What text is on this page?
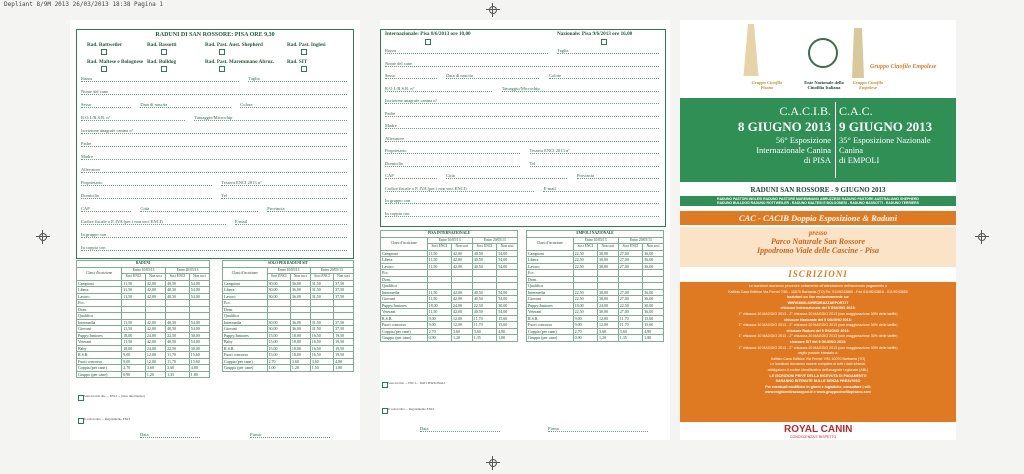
Depliant 8/9M 2013 26/03/2013 18:38 Pagina 1
RADUNI DI SAN ROSSORE: PISA ORE 9,30
Rad. Rottweiler	Rad. Bassotti	Rad. Past. Aust. Shepherd	Rad. Past. Inglesi
Rad. Maltese e Bolognese Rad. Bulldog	Rad. Past. Maremmano Abruz. Rad. SIT
Razza	Taglia
Nome del cane
Sesso	Data di nascita	Colore
R.O.I./R.S.R. n°	Tatuaggio/Microchip
Iscrizione anagrafe canina n°
Padre
Madre
Allevatore
Proprietario	Tessera ENCI 2013 n°
Domicilio	Tel
CAP	Città	Provincia
Codice fiscale o P. IVA (per i non soci ENCI)	E-mail
In gruppo con
In coppia con
RADUNI				
Classi d'iscrizione	Entro 10/05/13		Entro 20/05/13	
	Soci ENCI	Non soci	Soci ENCI	Non soci
Campioni	11,50	42,00	40,50	54,00
Libera	11,50	42,00	40,50	54,00
Lavoro	11,50	42,00	40,50	54,00
Ecc.				
Dom.				
Qualifica				
Intermedia	11,50	42,00	40,50	54,00
Giovani	11,50	42,00	40,50	54,00
Puppy/Juniores	18,00	24,00	22,50	30,00
Veterani	11,50	42,00	40,50	54,00
Baby	18,00	24,00	22,50	30,00
R.S.R.	9,00	12,00	11,70	15,60
Fuori concorso	9,00	12,00	11,70	15,60
Coppia (per cane)	2,70	3,60	3,60	4,80
Gruppo (per cane)	0,90	1,20	1,35	1,80
SOLO PER RADUNI SIT				
Classi d'iscrizione	Entro 10/05/13		Entro 20/05/13	
	Soci ENCI	Non soci	Soci ENCI	Non soci
Campioni	30,00	36,00	31,50	37,50
Libera	30,00	36,00	31,50	37,50
Lavoro	30,00	36,00	31,50	37,50
Ecc.				
Dom.				
Qualifica				
Intermedia	30,00	36,00	31,50	37,50
Giovani	30,00	36,00	31,50	37,50
Puppy/Juniores	15,00	18,00	16,50	19,50
Baby	15,00	18,00	16,50	19,50
R.S.R.	15,00	18,00	16,50	19,50
Fuori concorso	15,00	18,00	16,50	19,50
Coppia (per cane)	2,70	3,60	3,60	4,80
Gruppo (per cane)	1,00	1,20	1,50	1,80
Sono iscritto alle ... ENCI ... (testo informativo)
Il sottoscritto ... Regolamento ENCI
Data	Firma
Internazionale: Pisa 8/6/2013 ore 10,00	Nazionale: Pisa 9/6/2013 ore 16,00
Razza	Taglia
Nome del cane
Sesso	Data di nascita	Colore
R.O.I./R.S.R. n°	Tatuaggio/Microchip
Iscrizione anagrafe canina n°
Padre
Madre
Allevatore
Proprietario	Tessera ENCI 2013 n°
Domicilio	Tel
CAP	Città	Provincia
Codice fiscale o P. IVA (per i non soci ENCI)	E-mail
In gruppo con
In coppia con
PISA INTERNAZIONALE				
Classi d'iscrizione	Entro 10/05/13		Entro 20/05/13	
	Soci ENCI	Non soci	Soci ENCI	Non soci
Campioni	11,50	42,00	40,50	54,00
Libera	11,50	42,00	40,50	54,00
Lavoro	11,50	42,00	40,50	54,00
Ecc.				
Dom.				
Qualifica				
Intermedia	11,50	42,00	40,50	54,00
Giovani	11,50	42,00	40,50	54,00
Puppy/Juniores	18,00	24,00	22,50	30,00
Veterani	11,50	42,00	40,50	54,00
R.S.R.	9,00	12,00	11,70	15,60
Fuori concorso	9,00	12,00	11,70	15,60
Coppia (per cane)	2,70	3,60	3,60	4,80
Gruppo (per cane)	0,90	1,20	1,35	1,80
EMPOLI NAZIONALE				
Classi d'iscrizione	Entro 10/05/13		Entro 20/05/13	
	Soci ENCI	Non soci	Soci ENCI	Non soci
Campioni	22,50	30,00	27,00	36,00
Libera	22,50	30,00	27,00	36,00
Lavoro	22,50	30,00	27,00	36,00
Ecc.				
Dom.				
Qualifica				
Intermedia	22,50	30,00	27,00	36,00
Giovani	22,50	30,00	27,00	36,00
Puppy/Juniores	18,00	24,00	22,50	30,00
Veterani	22,50	30,00	27,00	36,00
R.S.R.	9,00	12,00	11,70	15,60
Fuori concorso	9,00	12,00	11,70	15,60
Coppia (per cane)	2,70	3,60	3,60	4,80
Gruppo (per cane)	0,90	1,20	1,35	1,80
Sono iscritto ... ENCI ... DATI PERSONALI
Il sottoscritto ... Regolamento ENCI
Data	Firma
Gruppo Cinofilo Empolese
Gruppo Cinofilo Pisano
Ente Nazionale della Cinofilia Italiana
Gruppo Cinofilo Empolese
C.A.C.I.B.
8 GIUGNO 2013
56° Esposizione
Internazionale Canina
di PISA
C.A.C.
9 GIUGNO 2013
35° Esposizione Nazionale
Canina
di EMPOLI
RADUNI SAN ROSSORE - 9 GIUGNO 2013
RADUNO PASTORI INGLESI RADUNO PASTORE MAREMMANO ABRUZZESE RADUNO PASTORE AUSTRALIANO SHEPHERD
RADUNO BULLDOG RADUNO ROTTWEILER - RADUNO MALTESI E BOLOGNESI - RADUNO BASSOTTI - RADUNO TERRIERS
CAC - CACIB Doppia Esposizione & Raduni
presso
Parco Naturale San Rossore
Ippodromo Viale delle Cascine - Pisa
ISCRIZIONI
Le iscrizioni dovranno pervenire unitamente all'attestazione dell'avvenuto pagamento a
Kallisto Casa Editrice Via Ferrari 7/81 - 10070 Barbania (TO) Tel. 011/9243860 - Fax 011/9243816 - 011/9243655
Iscrizioni on line esclusivamente su:
WWW.MIGLIOREDIRAZZAEPORT.IT
chiusure Internazionale del 8 GIUGNO 2013:
1° chiusura 10 MAGGIO 2013 - 2° chiusura 20 MAGGIO 2013 (con maggiorazione 30% delle tariffe)
chiusure Nazionale del 9 GIUGNO 2013:
1° chiusura 10 MAGGIO 2013 - 2° chiusura 20 MAGGIO 2013 (con maggiorazione 30% delle tariffe)
chiusure Raduni del 9 GIUGNO 2013:
1° chiusura 10 MAGGIO 2013 - 2° chiusura 20 MAGGIO 2013 (con maggiorazione 30% delle tariffe)
chiusure SIT del 9 GIUGNO 2013:
1° chiusura 10 MAGGIO 2013 - 2° chiusura 20 MAGGIO 2013 (con maggiorazione 30% delle tariffe)
vaglia postale intestato a:
Kallisto Casa Editrice Via Ferrari 7/81 10070 Barbania (TO)
Le iscrizioni dovranno essere complete di tutti i dati richiesti,
obbligatorio il codice identificativo dell'anagrafe regionale (ABL)
LE ISCRIZIONI PRIVE DELLA RICEVUTA DI PAGAMENTO
SARANNO RITENUTE NULLE SENZA PREAVVISO
Per eventuali modifiche in giorni e logistiche, consultare i siti:
www.miglioredirazzaeport.it e www.gruppocinofilopisano.com
ROYAL CANIN
CONOSCENZA E RISPETTO
